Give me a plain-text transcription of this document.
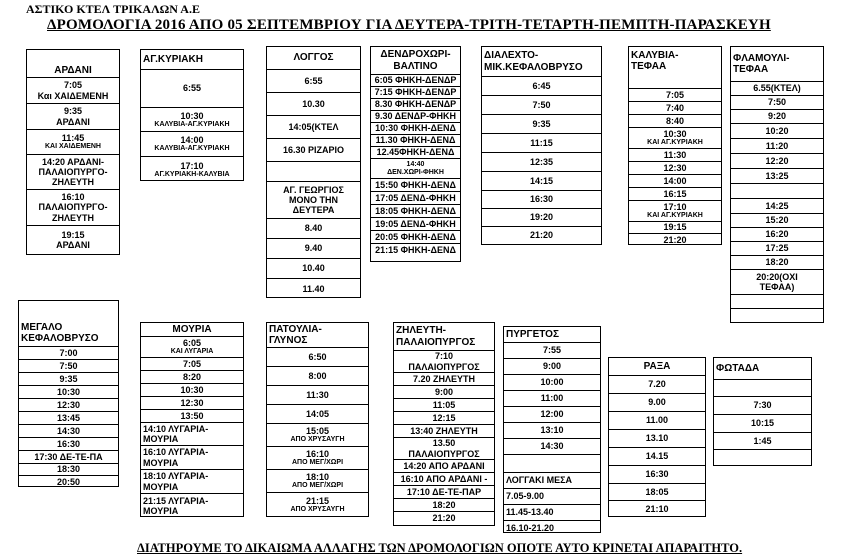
ΑΣΤΙΚΟ ΚΤΕΛ ΤΡΙΚΑΛΩΝ Α.Ε
ΔΡΟΜΟΛΟΓΙΑ 2016 ΑΠΟ 05 ΣΕΠΤΕΜΒΡΙΟΥ ΓΙΑ ΔΕΥΤΕΡΑ-ΤΡΙΤΗ-ΤΕΤΑΡΤΗ-ΠΕΜΠΤΗ-ΠΑΡΑΣΚΕΥΗ
ΑΡΔΑΝΙ
7:05
Και ΧΑΙΔΕΜΕΝΗ
9:35
ΑΡΔΑΝΙ
11:45
ΚΑΙ ΧΑΙΔΕΜΕΝΗ
14:20 ΑΡΔΑΝΙ-
ΠΑΛΑΙΟΠΥΡΓΟ-
ΖΗΛΕΥΤΗ
16:10
ΠΑΛΑΙΟΠΥΡΓΟ-
ΖΗΛΕΥΤΗ
19:15
ΑΡΔΑΝΙ
ΑΓ.ΚΥΡΙΑΚΗ
6:55
10:30
ΚΑΛΥΒΙΑ-ΑΓ.ΚΥΡΙΑΚΗ
14:00
ΚΑΛΥΒΙΑ-ΑΓ.ΚΥΡΙΑΚΗ
17:10
ΑΓ.ΚΥΡΙΑΚΗ-ΚΑΛΥΒΙΑ
ΛΟΓΓΟΣ
6:55
10.30
14:05(ΚΤΕΛ
16.30 ΡΙΖΑΡΙΟ
ΑΓ. ΓΕΩΡΓΙΟΣ
ΜΟΝΟ ΤΗΝ
ΔΕΥΤΕΡΑ
8.40
9.40
10.40
11.40
ΔΕΝΔΡΟΧΩΡΙ-
ΒΑΛΤΙΝΟ
6:05 ΦΗΚΗ-ΔΕΝΔΡ
7:15 ΦΗΚΗ-ΔΕΝΔΡ
8.30 ΦΗΚΗ-ΔΕΝΔΡ
9.30 ΔΕΝΔΡ-ΦΗΚΗ
10:30 ΦΗΚΗ-ΔΕΝΔ
11.30 ΦΗΚΗ-ΔΕΝΔ
12.45ΦΗΚΗ-ΔΕΝΔ
14:40
ΔΕΝ.ΧΩΡΙ-ΦΗΚΗ
15:50 ΦΗΚΗ-ΔΕΝΔ
17:05 ΔΕΝΔ-ΦΗΚΗ
18:05 ΦΗΚΗ-ΔΕΝΔ
19:05 ΔΕΝΔ-ΦΗΚΗ
20:05 ΦΗΚΗ-ΔΕΝΔ
21:15 ΦΗΚΗ-ΔΕΝΔ
ΔΙΑΛΕΧΤΟ-
ΜΙΚ.ΚΕΦΑΛΟΒΡΥΣΟ
6:45
7:50
9:35
11:15
12:35
14:15
16:30
19:20
21:20
ΚΑΛΥΒΙΑ-
ΤΕΦΑΑ
7:05
7:40
8:40
10:30
ΚΑΙ ΑΓ.ΚΥΡΙΑΚΗ
11:30
12:30
14:00
16:15
17:10
ΚΑΙ ΑΓ.ΚΥΡΙΑΚΗ
19:15
21:20
ΦΛΑΜΟΥΛΙ-
ΤΕΦΑΑ
6.55(ΚΤΕΛ)
7:50
9:20
10:20
11:20
12:20
13:25
14:25
15:20
16:20
17:25
18:20
20:20(ΟΧΙ
ΤΕΦΑΑ)
ΜΕΓΑΛΟ
ΚΕΦΑΛΟΒΡΥΣΟ
7:00
7:50
9:35
10:30
12:30
13:45
14:30
16:30
17:30 ΔΕ-ΤΕ-ΠΑ
18:30
20:50
ΜΟΥΡΙΑ
6:05
ΚΑΙ ΛΥΓΑΡΙΑ
7:05
8:20
10:30
12:30
13:50
14:10 ΛΥΓΑΡΙΑ-
ΜΟΥΡΙΑ
16:10 ΛΥΓΑΡΙΑ-
ΜΟΥΡΙΑ
18:10 ΛΥΓΑΡΙΑ-
ΜΟΥΡΙΑ
21:15 ΛΥΓΑΡΙΑ-
ΜΟΥΡΙΑ
ΠΑΤΟΥΛΙΑ-
ΓΛΥΝΟΣ
6:50
8:00
11:30
14:05
15:05
ΑΠΟ ΧΡΥΣΑΥΓΗ
16:10
ΑΠΟ ΜΕΓ/ΧΩΡΙ
18:10
ΑΠΟ ΜΕΓ/ΧΩΡΙ
21:15
ΑΠΟ ΧΡΥΣΑΥΓΗ
ΖΗΛΕΥΤΗ-
ΠΑΛΑΙΟΠΥΡΓΟΣ
7:10
ΠΑΛΑΙΟΠΥΡΓΟΣ
7.20 ΖΗΛΕΥΤΗ
9:00
11:05
12:15
13:40 ΖΗΛΕΥΤΗ
13.50
ΠΑΛΑΙΟΠΥΡΓΟΣ
14:20 ΑΠΟ ΑΡΔΑΝΙ
16:10 ΑΠΟ ΑΡΔΑΝΙ -
17:10 ΔΕ-ΤΕ-ΠΑΡ
18:20
21:20
ΠΥΡΓΕΤΟΣ
7:55
9:00
10:00
11:00
12:00
13:10
14:30
ΛΟΓΓΑΚΙ ΜΕΣΑ
7.05-9.00
11.45-13.40
16.10-21.20
ΡΑΞΑ
7.20
9.00
11.00
13.10
14.15
16:30
18:05
21:10
ΦΩΤΑΔΑ
7:30
10:15
1:45
ΔΙΑΤΗΡΟΥΜΕ ΤΟ ΔΙΚΑΙΩΜΑ ΑΛΛΑΓΗΣ ΤΩΝ ΔΡΟΜΟΛΟΓΙΩΝ ΟΠΟΤΕ ΑΥΤΟ ΚΡΙΝΕΤΑΙ ΑΠΑΡΑΙΤΗΤΟ.
